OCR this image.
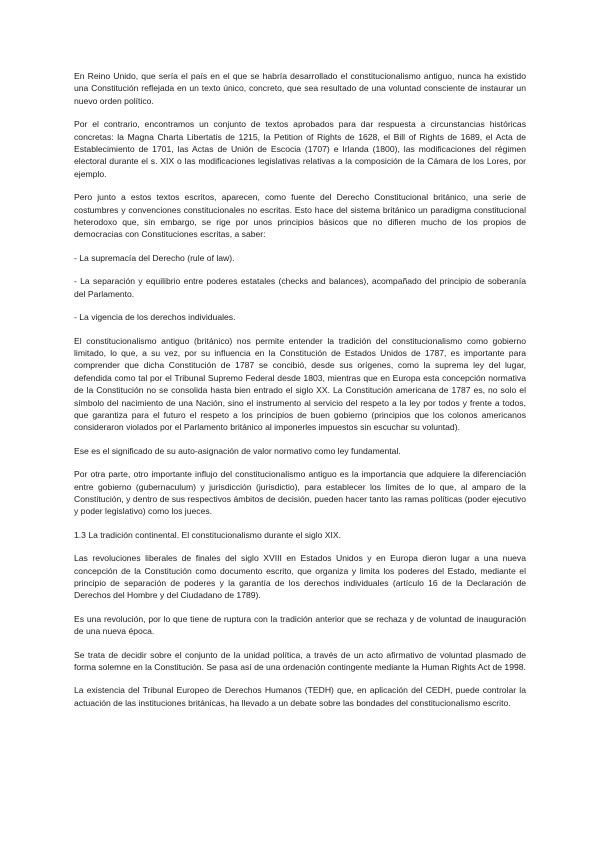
En Reino Unido, que sería el país en el que se habría desarrollado el constitucionalismo antiguo, nunca ha existido una Constitución reflejada en un texto único, concreto, que sea resultado de una voluntad consciente de instaurar un nuevo orden político.

Por el contrario, encontramos un conjunto de textos aprobados para dar respuesta a circunstancias históricas concretas: la Magna Charta Libertatis de 1215, la Petition of Rights de 1628, el Bill of Rights de 1689, el Acta de Establecimiento de 1701, las Actas de Unión de Escocia (1707) e Irlanda (1800), las modificaciones del régimen electoral durante el s. XIX o las modificaciones legislativas relativas a la composición de la Cámara de los Lores, por ejemplo.

Pero junto a estos textos escritos, aparecen, como fuente del Derecho Constitucional británico, una serie de costumbres y convenciones constitucionales no escritas. Esto hace del sistema británico un paradigma constitucional heterodoxo que, sin embargo, se rige por unos principios básicos que no difieren mucho de los propios de democracias con Constituciones escritas, a saber:

- La supremacía del Derecho (rule of law).

- La separación y equilibrio entre poderes estatales (checks and balances), acompañado del principio de soberanía del Parlamento.

- La vigencia de los derechos individuales.

El constitucionalismo antiguo (británico) nos permite entender la tradición del constitucionalismo como gobierno limitado, lo que, a su vez, por su influencia en la Constitución de Estados Unidos de 1787, es importante para comprender que dicha Constitución de 1787 se concibió, desde sus orígenes, como la suprema ley del lugar, defendida como tal por el Tribunal Supremo Federal desde 1803, mientras que en Europa esta concepción normativa de la Constitución no se consolida hasta bien entrado el siglo XX. La Constitución americana de 1787 es, no solo el símbolo del nacimiento de una Nación, sino el instrumento al servicio del respeto a la ley por todos y frente a todos, que garantiza para el futuro el respeto a los principios de buen gobierno (principios que los colonos americanos consideraron violados por el Parlamento británico al imponerles impuestos sin escuchar su voluntad).

Ese es el significado de su auto-asignación de valor normativo como ley fundamental.

Por otra parte, otro importante influjo del constitucionalismo antiguo es la importancia que adquiere la diferenciación entre gobierno (gubernaculum) y jurisdicción (jurisdictio), para establecer los límites de lo que, al amparo de la Constitución, y dentro de sus respectivos ámbitos de decisión, pueden hacer tanto las ramas políticas (poder ejecutivo y poder legislativo) como los jueces.

1.3 La tradición continental. El constitucionalismo durante el siglo XIX.

Las revoluciones liberales de finales del siglo XVIII en Estados Unidos y en Europa dieron lugar a una nueva concepción de la Constitución como documento escrito, que organiza y limita los poderes del Estado, mediante el principio de separación de poderes y la garantía de los derechos individuales (artículo 16 de la Declaración de Derechos del Hombre y del Ciudadano de 1789).

Es una revolución, por lo que tiene de ruptura con la tradición anterior que se rechaza y de voluntad de inauguración de una nueva época.

Se trata de decidir sobre el conjunto de la unidad política, a través de un acto afirmativo de voluntad plasmado de forma solemne en la Constitución. Se pasa así de una ordenación contingente mediante la Human Rights Act de 1998.

La existencia del Tribunal Europeo de Derechos Humanos (TEDH) que, en aplicación del CEDH, puede controlar la actuación de las instituciones británicas, ha llevado a un debate sobre las bondades del constitucionalismo escrito.
